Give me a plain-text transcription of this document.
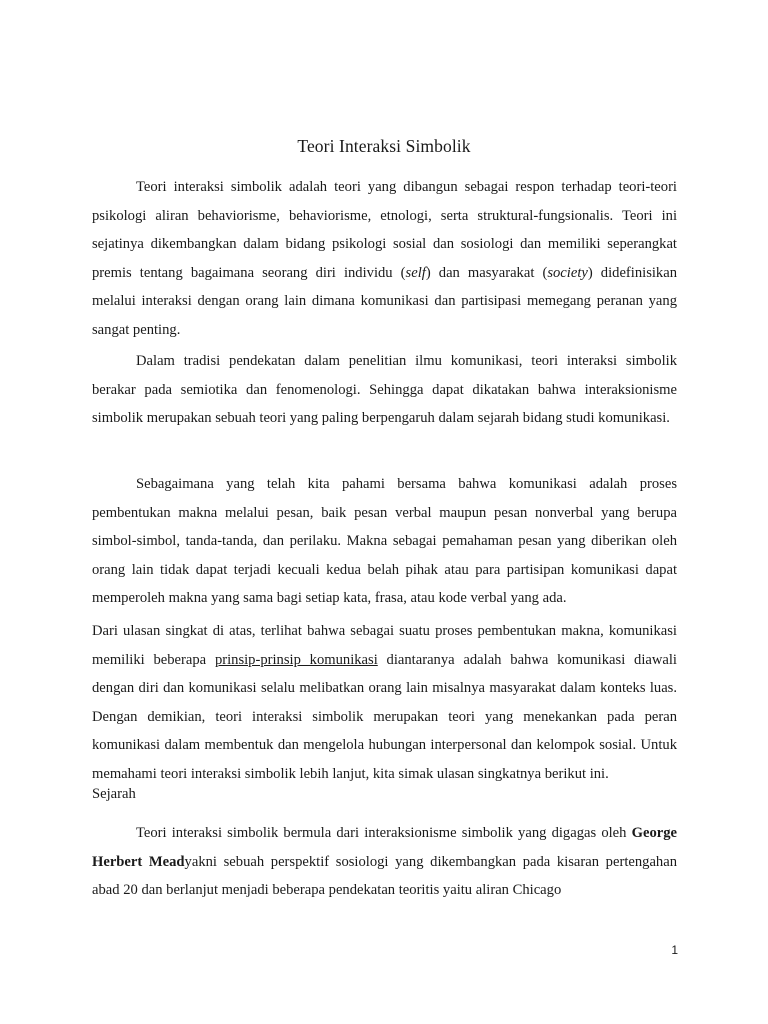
Teori Interaksi Simbolik

Teori interaksi simbolik adalah teori yang dibangun sebagai respon terhadap teori-teori psikologi aliran behaviorisme, behaviorisme, etnologi, serta struktural-fungsionalis. Teori ini sejatinya dikembangkan dalam bidang psikologi sosial dan sosiologi dan memiliki seperangkat premis tentang bagaimana seorang diri individu (self) dan masyarakat (society) didefinisikan melalui interaksi dengan orang lain dimana komunikasi dan partisipasi memegang peranan yang sangat penting.

Dalam tradisi pendekatan dalam penelitian ilmu komunikasi, teori interaksi simbolik berakar pada semiotika dan fenomenologi. Sehingga dapat dikatakan bahwa interaksionisme simbolik merupakan sebuah teori yang paling berpengaruh dalam sejarah bidang studi komunikasi.

Sebagaimana yang telah kita pahami bersama bahwa komunikasi adalah proses pembentukan makna melalui pesan, baik pesan verbal maupun pesan nonverbal yang berupa simbol-simbol, tanda-tanda, dan perilaku. Makna sebagai pemahaman pesan yang diberikan oleh orang lain tidak dapat terjadi kecuali kedua belah pihak atau para partisipan komunikasi dapat memperoleh makna yang sama bagi setiap kata, frasa, atau kode verbal yang ada.

Dari ulasan singkat di atas, terlihat bahwa sebagai suatu proses pembentukan makna, komunikasi memiliki beberapa prinsip-prinsip komunikasi diantaranya adalah bahwa komunikasi diawali dengan diri dan komunikasi selalu melibatkan orang lain misalnya masyarakat dalam konteks luas. Dengan demikian, teori interaksi simbolik merupakan teori yang menekankan pada peran komunikasi dalam membentuk dan mengelola hubungan interpersonal dan kelompok sosial. Untuk memahami teori interaksi simbolik lebih lanjut, kita simak ulasan singkatnya berikut ini.

Sejarah

Teori interaksi simbolik bermula dari interaksionisme simbolik yang digagas oleh George Herbert Meadyakni sebuah perspektif sosiologi yang dikembangkan pada kisaran pertengahan abad 20 dan berlanjut menjadi beberapa pendekatan teoritis yaitu aliran Chicago

1
